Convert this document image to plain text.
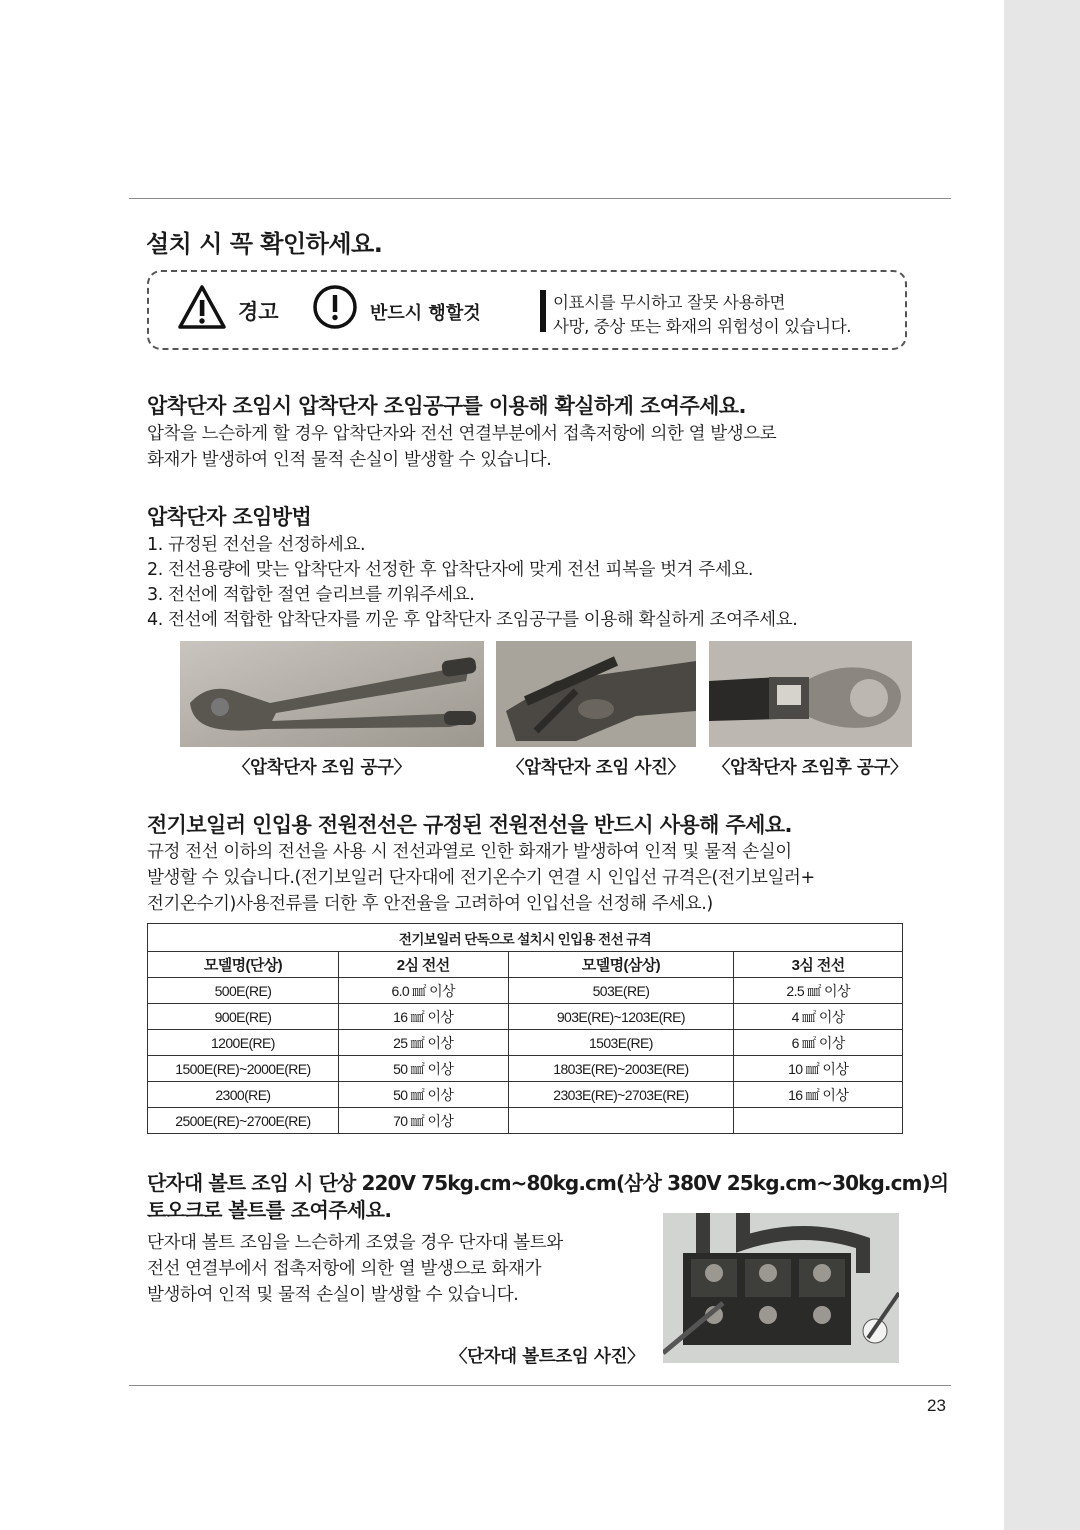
설치 시 꼭 확인하세요.
경고	반드시 행할것
이표시를 무시하고 잘못 사용하면
사망, 중상 또는 화재의 위험성이 있습니다.
압착단자 조임시 압착단자 조임공구를 이용해 확실하게 조여주세요.
압착을 느슨하게 할 경우 압착단자와 전선 연결부분에서 접촉저항에 의한 열 발생으로
화재가 발생하여 인적 물적 손실이 발생할 수 있습니다.
압착단자 조임방법
1. 규정된 전선을 선정하세요.
2. 전선용량에 맞는 압착단자 선정한 후 압착단자에 맞게 전선 피복을 벗겨 주세요.
3. 전선에 적합한 절연 슬리브를 끼워주세요.
4. 전선에 적합한 압착단자를 끼운 후 압착단자 조임공구를 이용해 확실하게 조여주세요.
〈압착단자 조임 공구〉	〈압착단자 조임 사진〉 〈압착단자 조임후 공구〉
전기보일러 인입용 전원전선은 규정된 전원전선을 반드시 사용해 주세요.
규정 전선 이하의 전선을 사용 시 전선과열로 인한 화재가 발생하여 인적 및 물적 손실이
발생할 수 있습니다.(전기보일러 단자대에 전기온수기 연결 시 인입선 규격은(전기보일러+
전기온수기)사용전류를 더한 후 안전율을 고려하여 인입선을 선정해 주세요.)
전기보일러 단독으로 설치시 인입용 전선 규격			
모델명(단상)	2심 전선	모델명(삼상)	3심 전선
500E(RE)	6.0 ㎟ 이상	503E(RE)	2.5 ㎟ 이상
900E(RE)	16 ㎟ 이상	903E(RE)~1203E(RE)	4 ㎟ 이상
1200E(RE)	25 ㎟ 이상	1503E(RE)	6 ㎟ 이상
1500E(RE)~2000E(RE)	50 ㎟ 이상	1803E(RE)~2003E(RE)	10 ㎟ 이상
2300(RE)	50 ㎟ 이상	2303E(RE)~2703E(RE)	16 ㎟ 이상
2500E(RE)~2700E(RE)	70 ㎟ 이상		
단자대 볼트 조임 시 단상 220V 75kg.cm~80kg.cm(삼상 380V 25kg.cm~30kg.cm)의
토오크로 볼트를 조여주세요.
단자대 볼트 조임을 느슨하게 조였을 경우 단자대 볼트와
전선 연결부에서 접촉저항에 의한 열 발생으로 화재가
발생하여 인적 및 물적 손실이 발생할 수 있습니다.
〈단자대 볼트조임 사진〉
23
